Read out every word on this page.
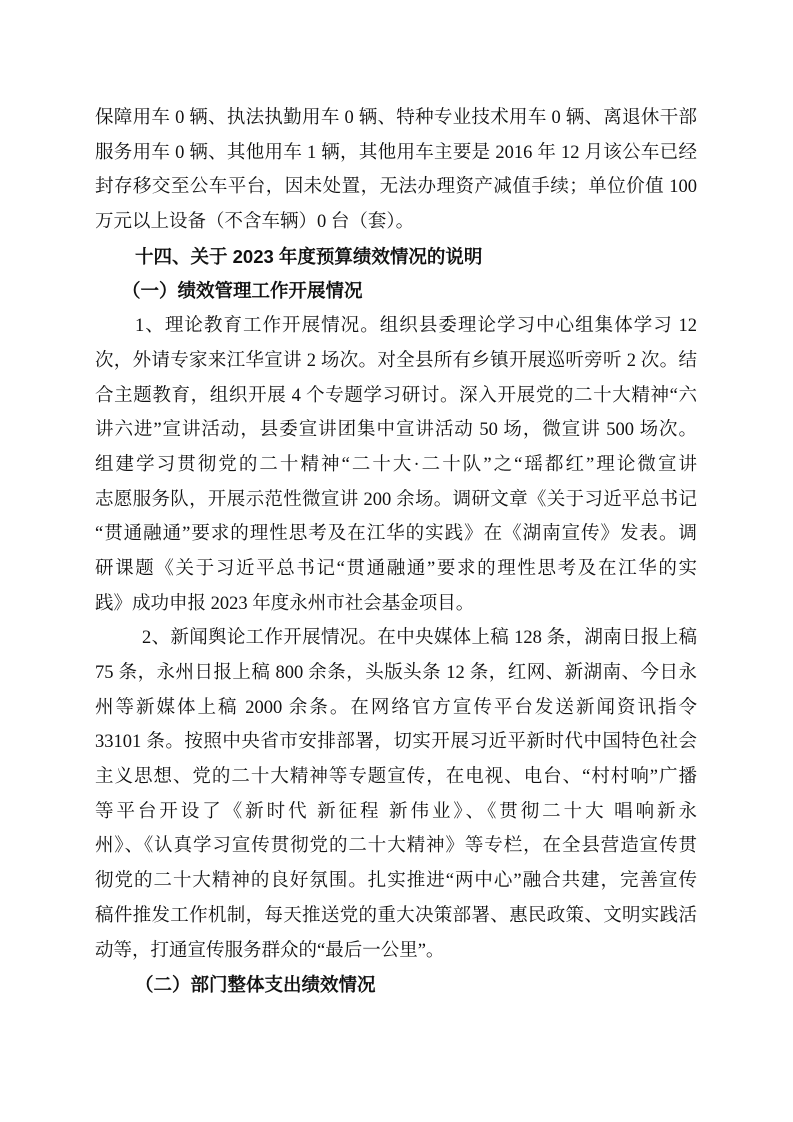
保障用车 0 辆、执法执勤用车 0 辆、特种专业技术用车 0 辆、离退休干部
服务用车 0 辆、其他用车 1 辆，其他用车主要是 2016 年 12 月该公车已经
封存移交至公车平台，因未处置，无法办理资产减值手续；单位价值 100
万元以上设备（不含车辆）0 台（套）。
十四、关于 2023 年度预算绩效情况的说明
（一）绩效管理工作开展情况
1、理论教育工作开展情况。组织县委理论学习中心组集体学习 12
次，外请专家来江华宣讲 2 场次。对全县所有乡镇开展巡听旁听 2 次。结
合主题教育，组织开展 4 个专题学习研讨。深入开展党的二十大精神“六
讲六进”宣讲活动，县委宣讲团集中宣讲活动 50 场，微宣讲 500 场次。
组建学习贯彻党的二十精神“二十大·二十队”之“瑶都红”理论微宣讲
志愿服务队，开展示范性微宣讲 200 余场。调研文章《关于习近平总书记
“贯通融通”要求的理性思考及在江华的实践》在《湖南宣传》发表。调
研课题《关于习近平总书记“贯通融通”要求的理性思考及在江华的实
践》成功申报 2023 年度永州市社会基金项目。
2、新闻舆论工作开展情况。在中央媒体上稿 128 条，湖南日报上稿
75 条，永州日报上稿 800 余条，头版头条 12 条，红网、新湖南、今日永
州等新媒体上稿 2000 余条。在网络官方宣传平台发送新闻资讯指令
33101 条。按照中央省市安排部署，切实开展习近平新时代中国特色社会
主义思想、党的二十大精神等专题宣传，在电视、电台、“村村响”广播
等平台开设了《新时代 新征程 新伟业》、《贯彻二十大 唱响新永
州》、《认真学习宣传贯彻党的二十大精神》等专栏，在全县营造宣传贯
彻党的二十大精神的良好氛围。扎实推进“两中心”融合共建，完善宣传
稿件推发工作机制，每天推送党的重大决策部署、惠民政策、文明实践活
动等，打通宣传服务群众的“最后一公里”。
（二）部门整体支出绩效情况
